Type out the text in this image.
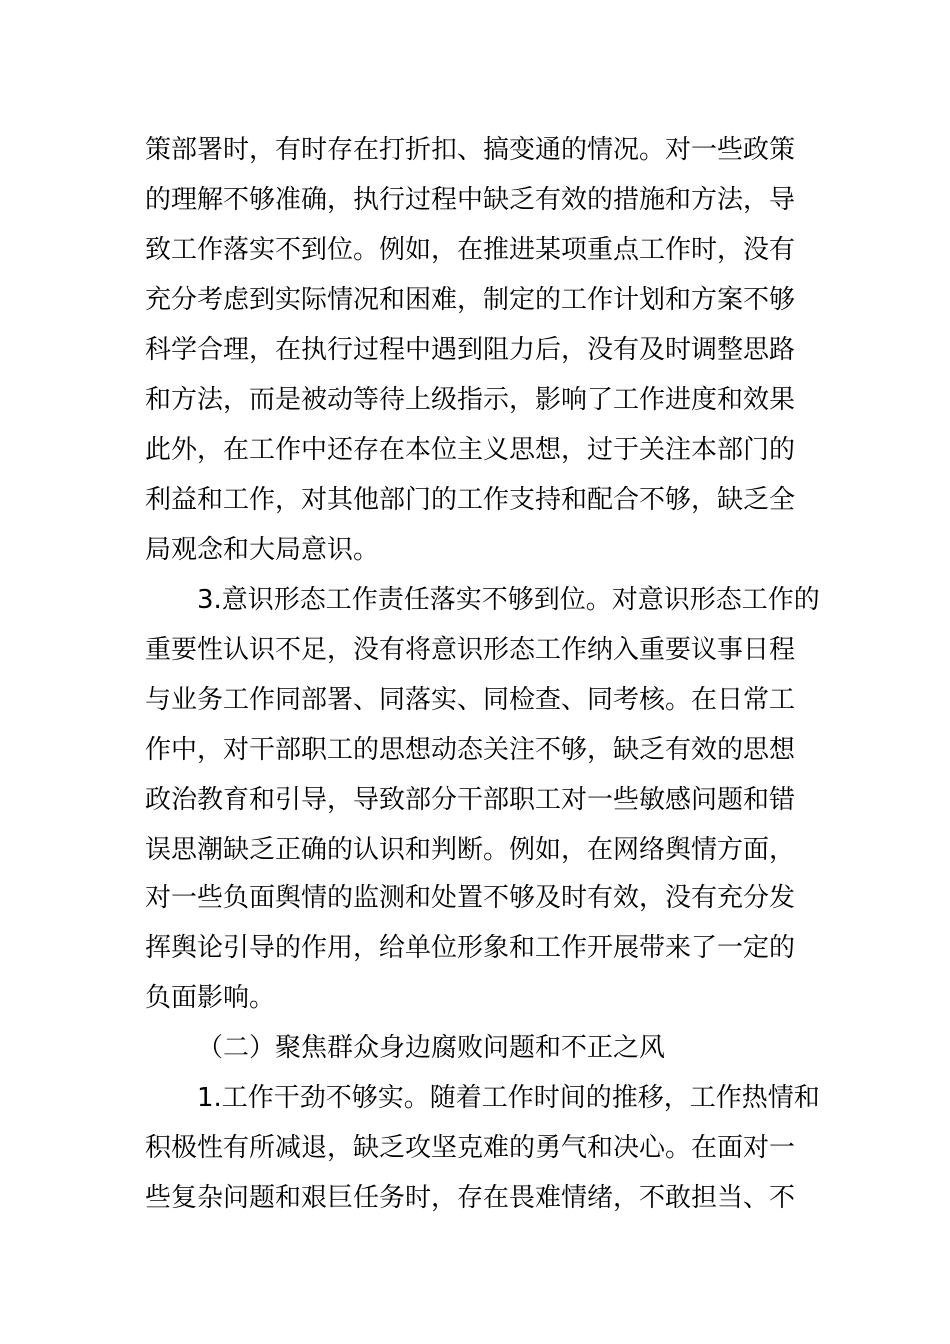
策部署时，有时存在打折扣、搞变通的情况。对一些政策
的理解不够准确，执行过程中缺乏有效的措施和方法，导
致工作落实不到位。例如，在推进某项重点工作时，没有
充分考虑到实际情况和困难，制定的工作计划和方案不够
科学合理，在执行过程中遇到阻力后，没有及时调整思路
和方法，而是被动等待上级指示，影响了工作进度和效果
此外，在工作中还存在本位主义思想，过于关注本部门的
利益和工作，对其他部门的工作支持和配合不够，缺乏全
局观念和大局意识。
3.意识形态工作责任落实不够到位。对意识形态工作的
重要性认识不足，没有将意识形态工作纳入重要议事日程
与业务工作同部署、同落实、同检查、同考核。在日常工
作中，对干部职工的思想动态关注不够，缺乏有效的思想
政治教育和引导，导致部分干部职工对一些敏感问题和错
误思潮缺乏正确的认识和判断。例如，在网络舆情方面，
对一些负面舆情的监测和处置不够及时有效，没有充分发
挥舆论引导的作用，给单位形象和工作开展带来了一定的
负面影响。
（二）聚焦群众身边腐败问题和不正之风
1.工作干劲不够实。随着工作时间的推移，工作热情和
积极性有所减退，缺乏攻坚克难的勇气和决心。在面对一
些复杂问题和艰巨任务时，存在畏难情绪，不敢担当、不
